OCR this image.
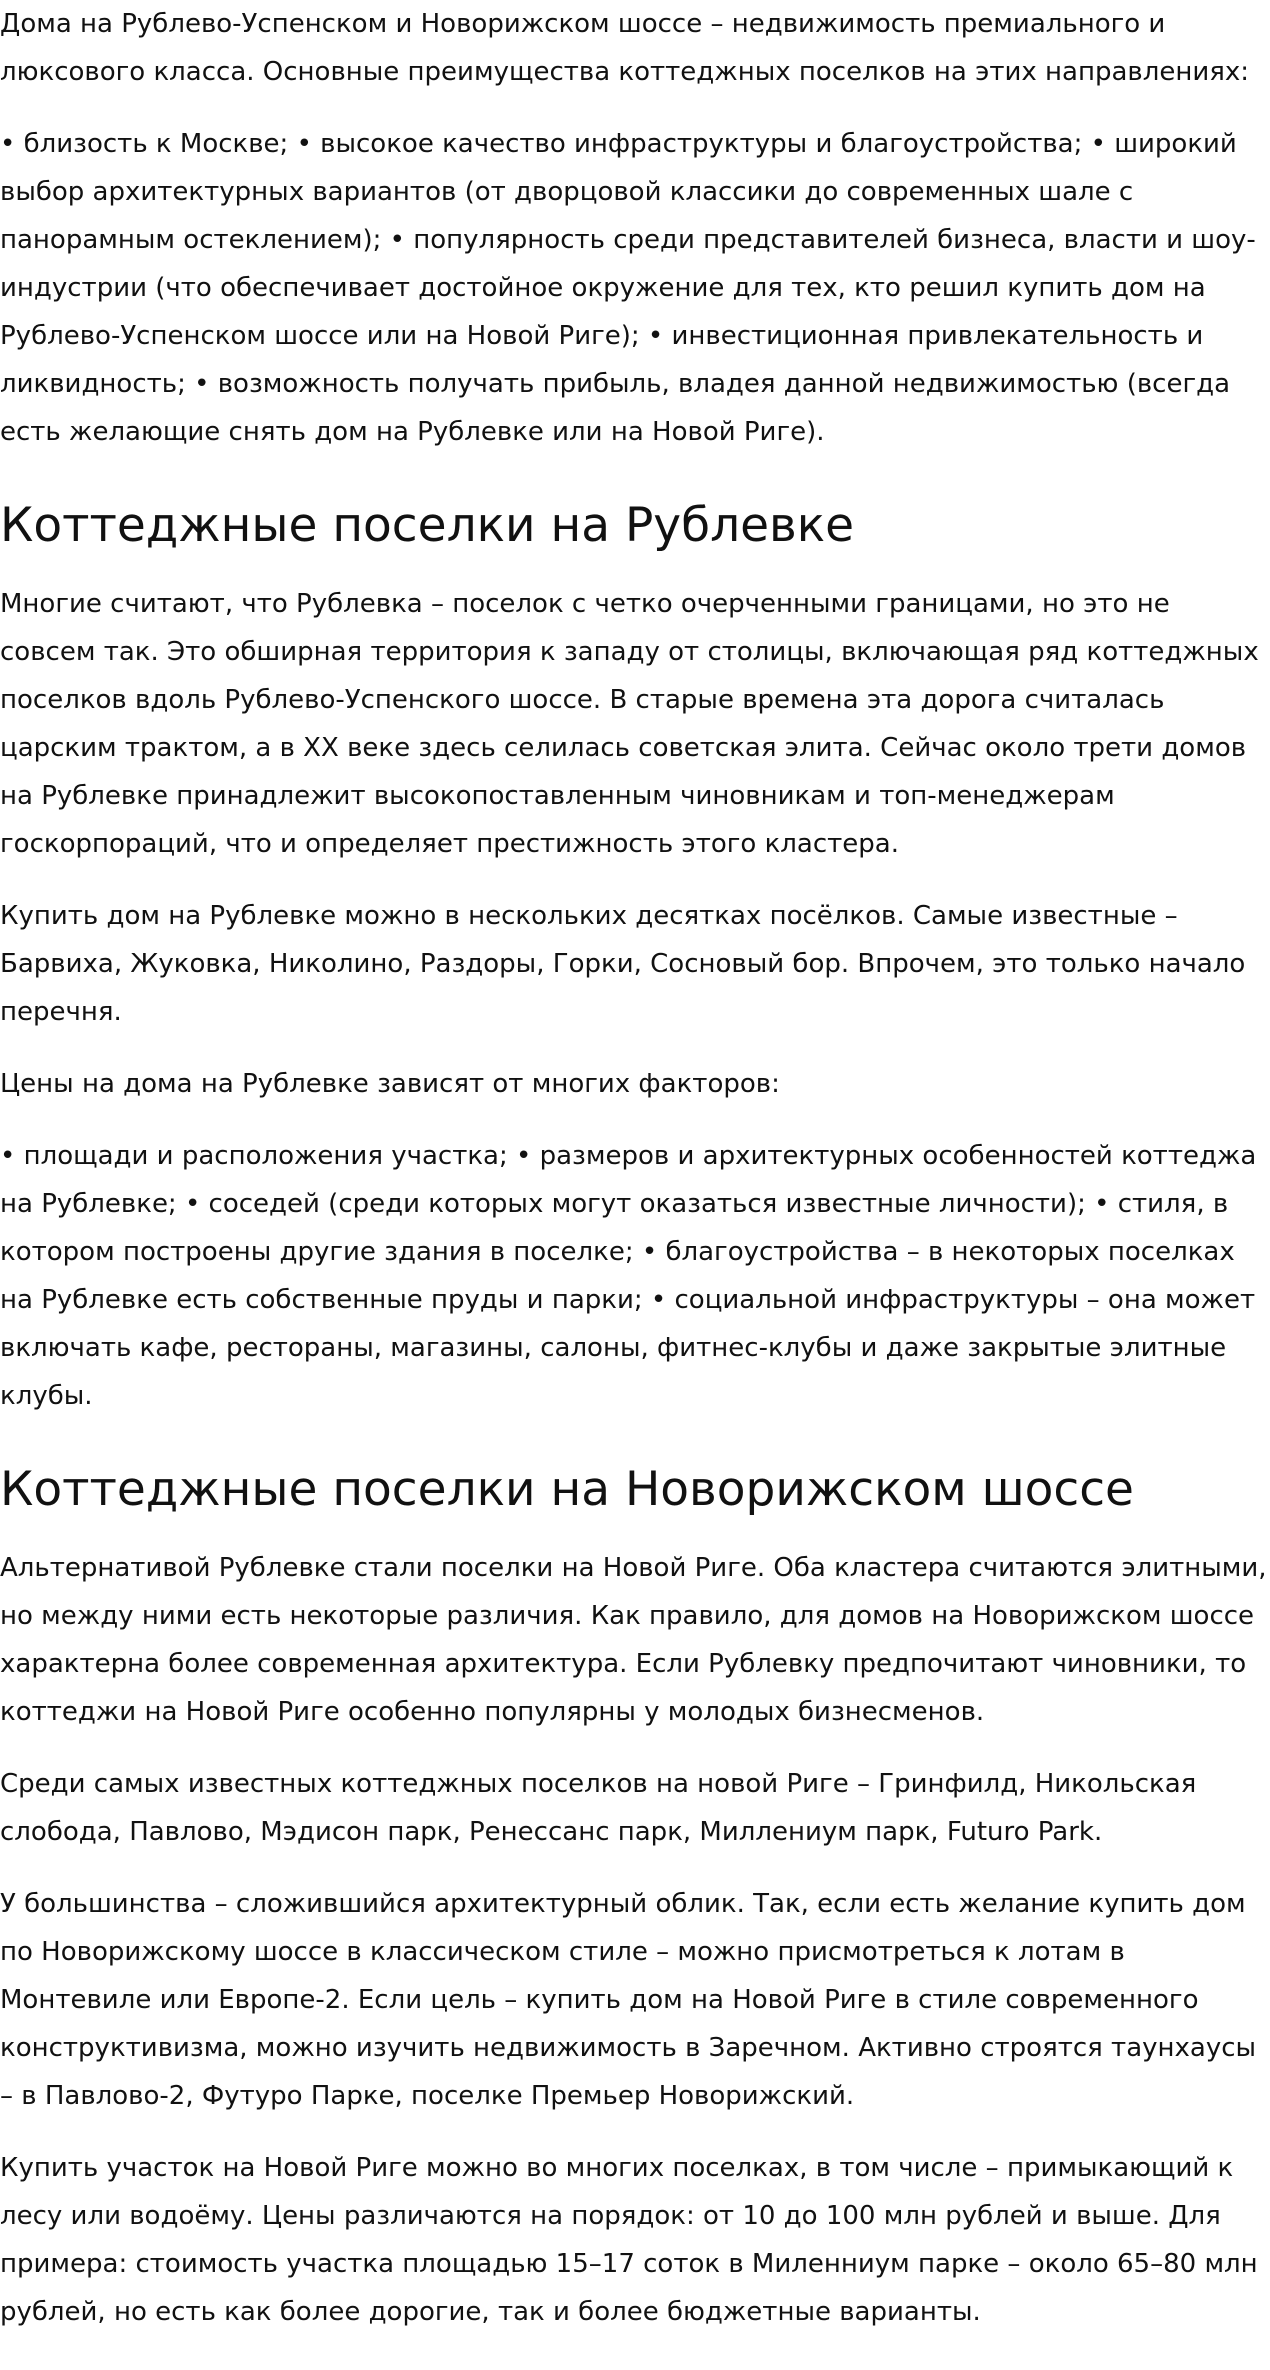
Дома на Рублево-Успенском и Новорижском шоссе – недвижимость премиального и люксового класса. Основные преимущества коттеджных поселков на этих направлениях:

• близость к Москве; • высокое качество инфраструктуры и благоустройства; • широкий выбор архитектурных вариантов (от дворцовой классики до современных шале с панорамным остеклением); • популярность среди представителей бизнеса, власти и шоу-индустрии (что обеспечивает достойное окружение для тех, кто решил купить дом на Рублево-Успенском шоссе или на Новой Риге); • инвестиционная привлекательность и ликвидность; • возможность получать прибыль, владея данной недвижимостью (всегда есть желающие снять дом на Рублевке или на Новой Риге).

Коттеджные поселки на Рублевке

Многие считают, что Рублевка – поселок с четко очерченными границами, но это не совсем так. Это обширная территория к западу от столицы, включающая ряд коттеджных поселков вдоль Рублево-Успенского шоссе. В старые времена эта дорога считалась царским трактом, а в XX веке здесь селилась советская элита. Сейчас около трети домов на Рублевке принадлежит высокопоставленным чиновникам и топ-менеджерам госкорпораций, что и определяет престижность этого кластера.

Купить дом на Рублевке можно в нескольких десятках посёлков. Самые известные – Барвиха, Жуковка, Николино, Раздоры, Горки, Сосновый бор. Впрочем, это только начало перечня.

Цены на дома на Рублевке зависят от многих факторов:

• площади и расположения участка; • размеров и архитектурных особенностей коттеджа на Рублевке; • соседей (среди которых могут оказаться известные личности); • стиля, в котором построены другие здания в поселке; • благоустройства – в некоторых поселках на Рублевке есть собственные пруды и парки; • социальной инфраструктуры – она может включать кафе, рестораны, магазины, салоны, фитнес-клубы и даже закрытые элитные клубы.

Коттеджные поселки на Новорижском шоссе

Альтернативой Рублевке стали поселки на Новой Риге. Оба кластера считаются элитными, но между ними есть некоторые различия. Как правило, для домов на Новорижском шоссе характерна более современная архитектура. Если Рублевку предпочитают чиновники, то коттеджи на Новой Риге особенно популярны у молодых бизнесменов.

Среди самых известных коттеджных поселков на новой Риге – Гринфилд, Никольская слобода, Павлово, Мэдисон парк, Ренессанс парк, Миллениум парк, Futuro Park.

У большинства – сложившийся архитектурный облик. Так, если есть желание купить дом по Новорижскому шоссе в классическом стиле – можно присмотреться к лотам в Монтевиле или Европе-2. Если цель – купить дом на Новой Риге в стиле современного конструктивизма, можно изучить недвижимость в Заречном. Активно строятся таунхаусы – в Павлово-2, Футуро Парке, поселке Премьер Новорижский.

Купить участок на Новой Риге можно во многих поселках, в том числе – примыкающий к лесу или водоёму. Цены различаются на порядок: от 10 до 100 млн рублей и выше. Для примера: стоимость участка площадью 15–17 соток в Миленниум парке – около 65–80 млн рублей, но есть как более дорогие, так и более бюджетные варианты.
